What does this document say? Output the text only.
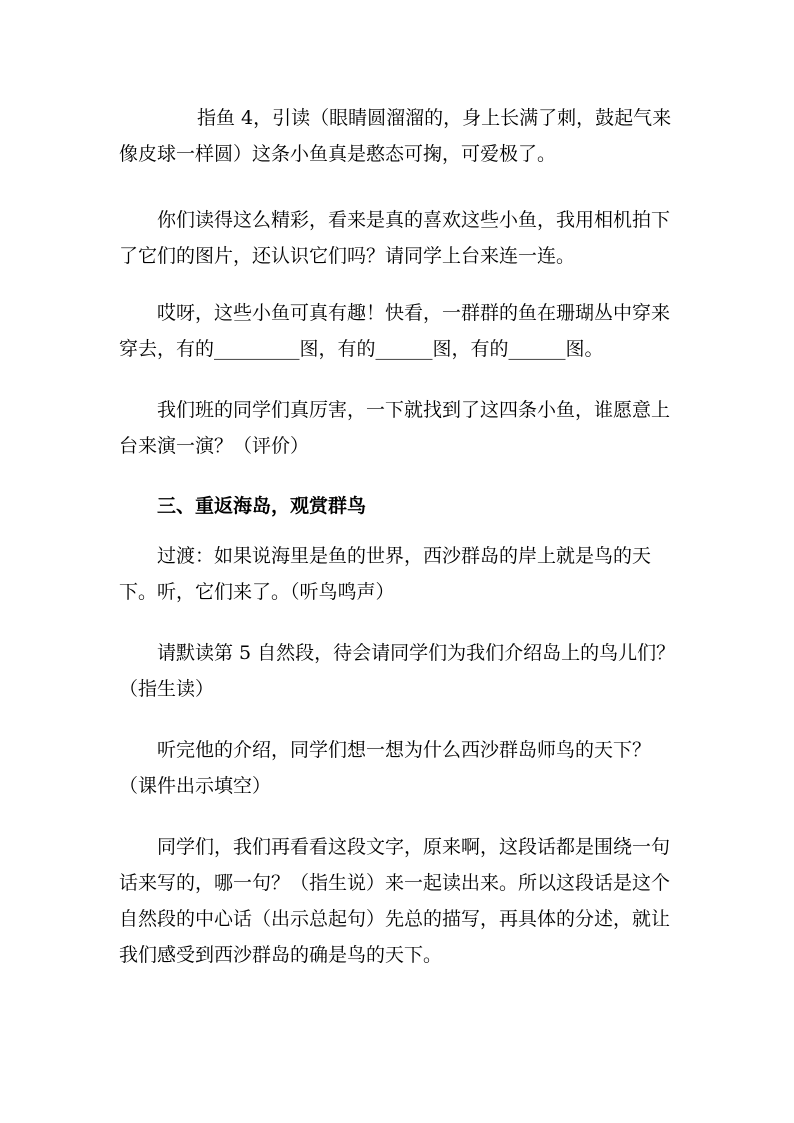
指鱼 4，引读（眼睛圆溜溜的，身上长满了刺，鼓起气来
像皮球一样圆）这条小鱼真是憨态可掬，可爱极了。

你们读得这么精彩，看来是真的喜欢这些小鱼，我用相机拍下
了它们的图片，还认识它们吗？请同学上台来连一连。

哎呀，这些小鱼可真有趣！快看，一群群的鱼在珊瑚丛中穿来
穿去，有的_________图，有的______图，有的______图。

我们班的同学们真厉害，一下就找到了这四条小鱼，谁愿意上
台来演一演？（评价）

三、重返海岛，观赏群鸟

过渡：如果说海里是鱼的世界，西沙群岛的岸上就是鸟的天
下。听，它们来了。（听鸟鸣声）

请默读第 5 自然段，待会请同学们为我们介绍岛上的鸟儿们？
（指生读）

听完他的介绍，同学们想一想为什么西沙群岛师鸟的天下？
（课件出示填空）

同学们，我们再看看这段文字，原来啊，这段话都是围绕一句
话来写的，哪一句？（指生说）来一起读出来。所以这段话是这个
自然段的中心话（出示总起句）先总的描写，再具体的分述，就让
我们感受到西沙群岛的确是鸟的天下。
